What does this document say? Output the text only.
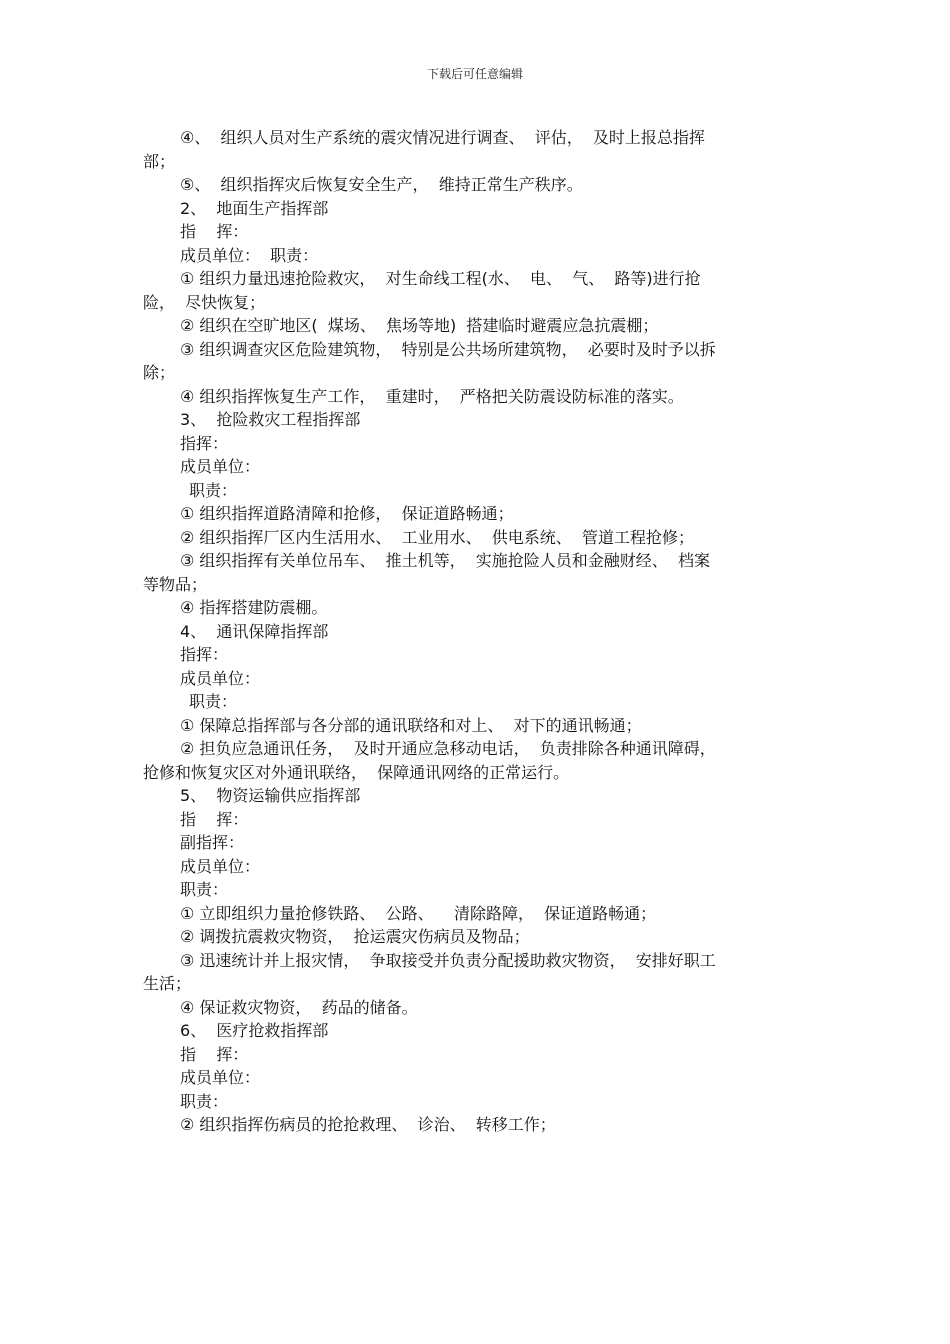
下载后可任意编辑
④、  组织人员对生产系统的震灾情况进行调查、  评估，  及时上报总指挥
部；
⑤、  组织指挥灾后恢复安全生产，  维持正常生产秩序。
2、  地面生产指挥部
指    挥：
成员单位：  职责：
① 组织力量迅速抢险救灾，  对生命线工程(水、  电、  气、  路等)进行抢
险，  尽快恢复；
② 组织在空旷地区(  煤场、  焦场等地)  搭建临时避震应急抗震棚；
③ 组织调查灾区危险建筑物，  特别是公共场所建筑物，  必要时及时予以拆
除；
④ 组织指挥恢复生产工作，  重建时，  严格把关防震设防标准的落实。
3、  抢险救灾工程指挥部
指挥：
成员单位：
职责：
① 组织指挥道路清障和抢修，  保证道路畅通；
② 组织指挥厂区内生活用水、  工业用水、  供电系统、  管道工程抢修；
③ 组织指挥有关单位吊车、  推土机等，  实施抢险人员和金融财经、  档案
等物品；
④ 指挥搭建防震棚。
4、  通讯保障指挥部
指挥：
成员单位：
职责：
① 保障总指挥部与各分部的通讯联络和对上、  对下的通讯畅通；
② 担负应急通讯任务，  及时开通应急移动电话，  负责排除各种通讯障碍，
抢修和恢复灾区对外通讯联络，  保障通讯网络的正常运行。
5、  物资运输供应指挥部
指    挥：
副指挥：
成员单位：
职责：
① 立即组织力量抢修铁路、  公路、    清除路障，  保证道路畅通；
② 调拨抗震救灾物资，  抢运震灾伤病员及物品；
③ 迅速统计并上报灾情，  争取接受并负责分配援助救灾物资，  安排好职工
生活；
④ 保证救灾物资，  药品的储备。
6、  医疗抢救指挥部
指    挥：
成员单位：
职责：
② 组织指挥伤病员的抢抢救理、  诊治、  转移工作；
